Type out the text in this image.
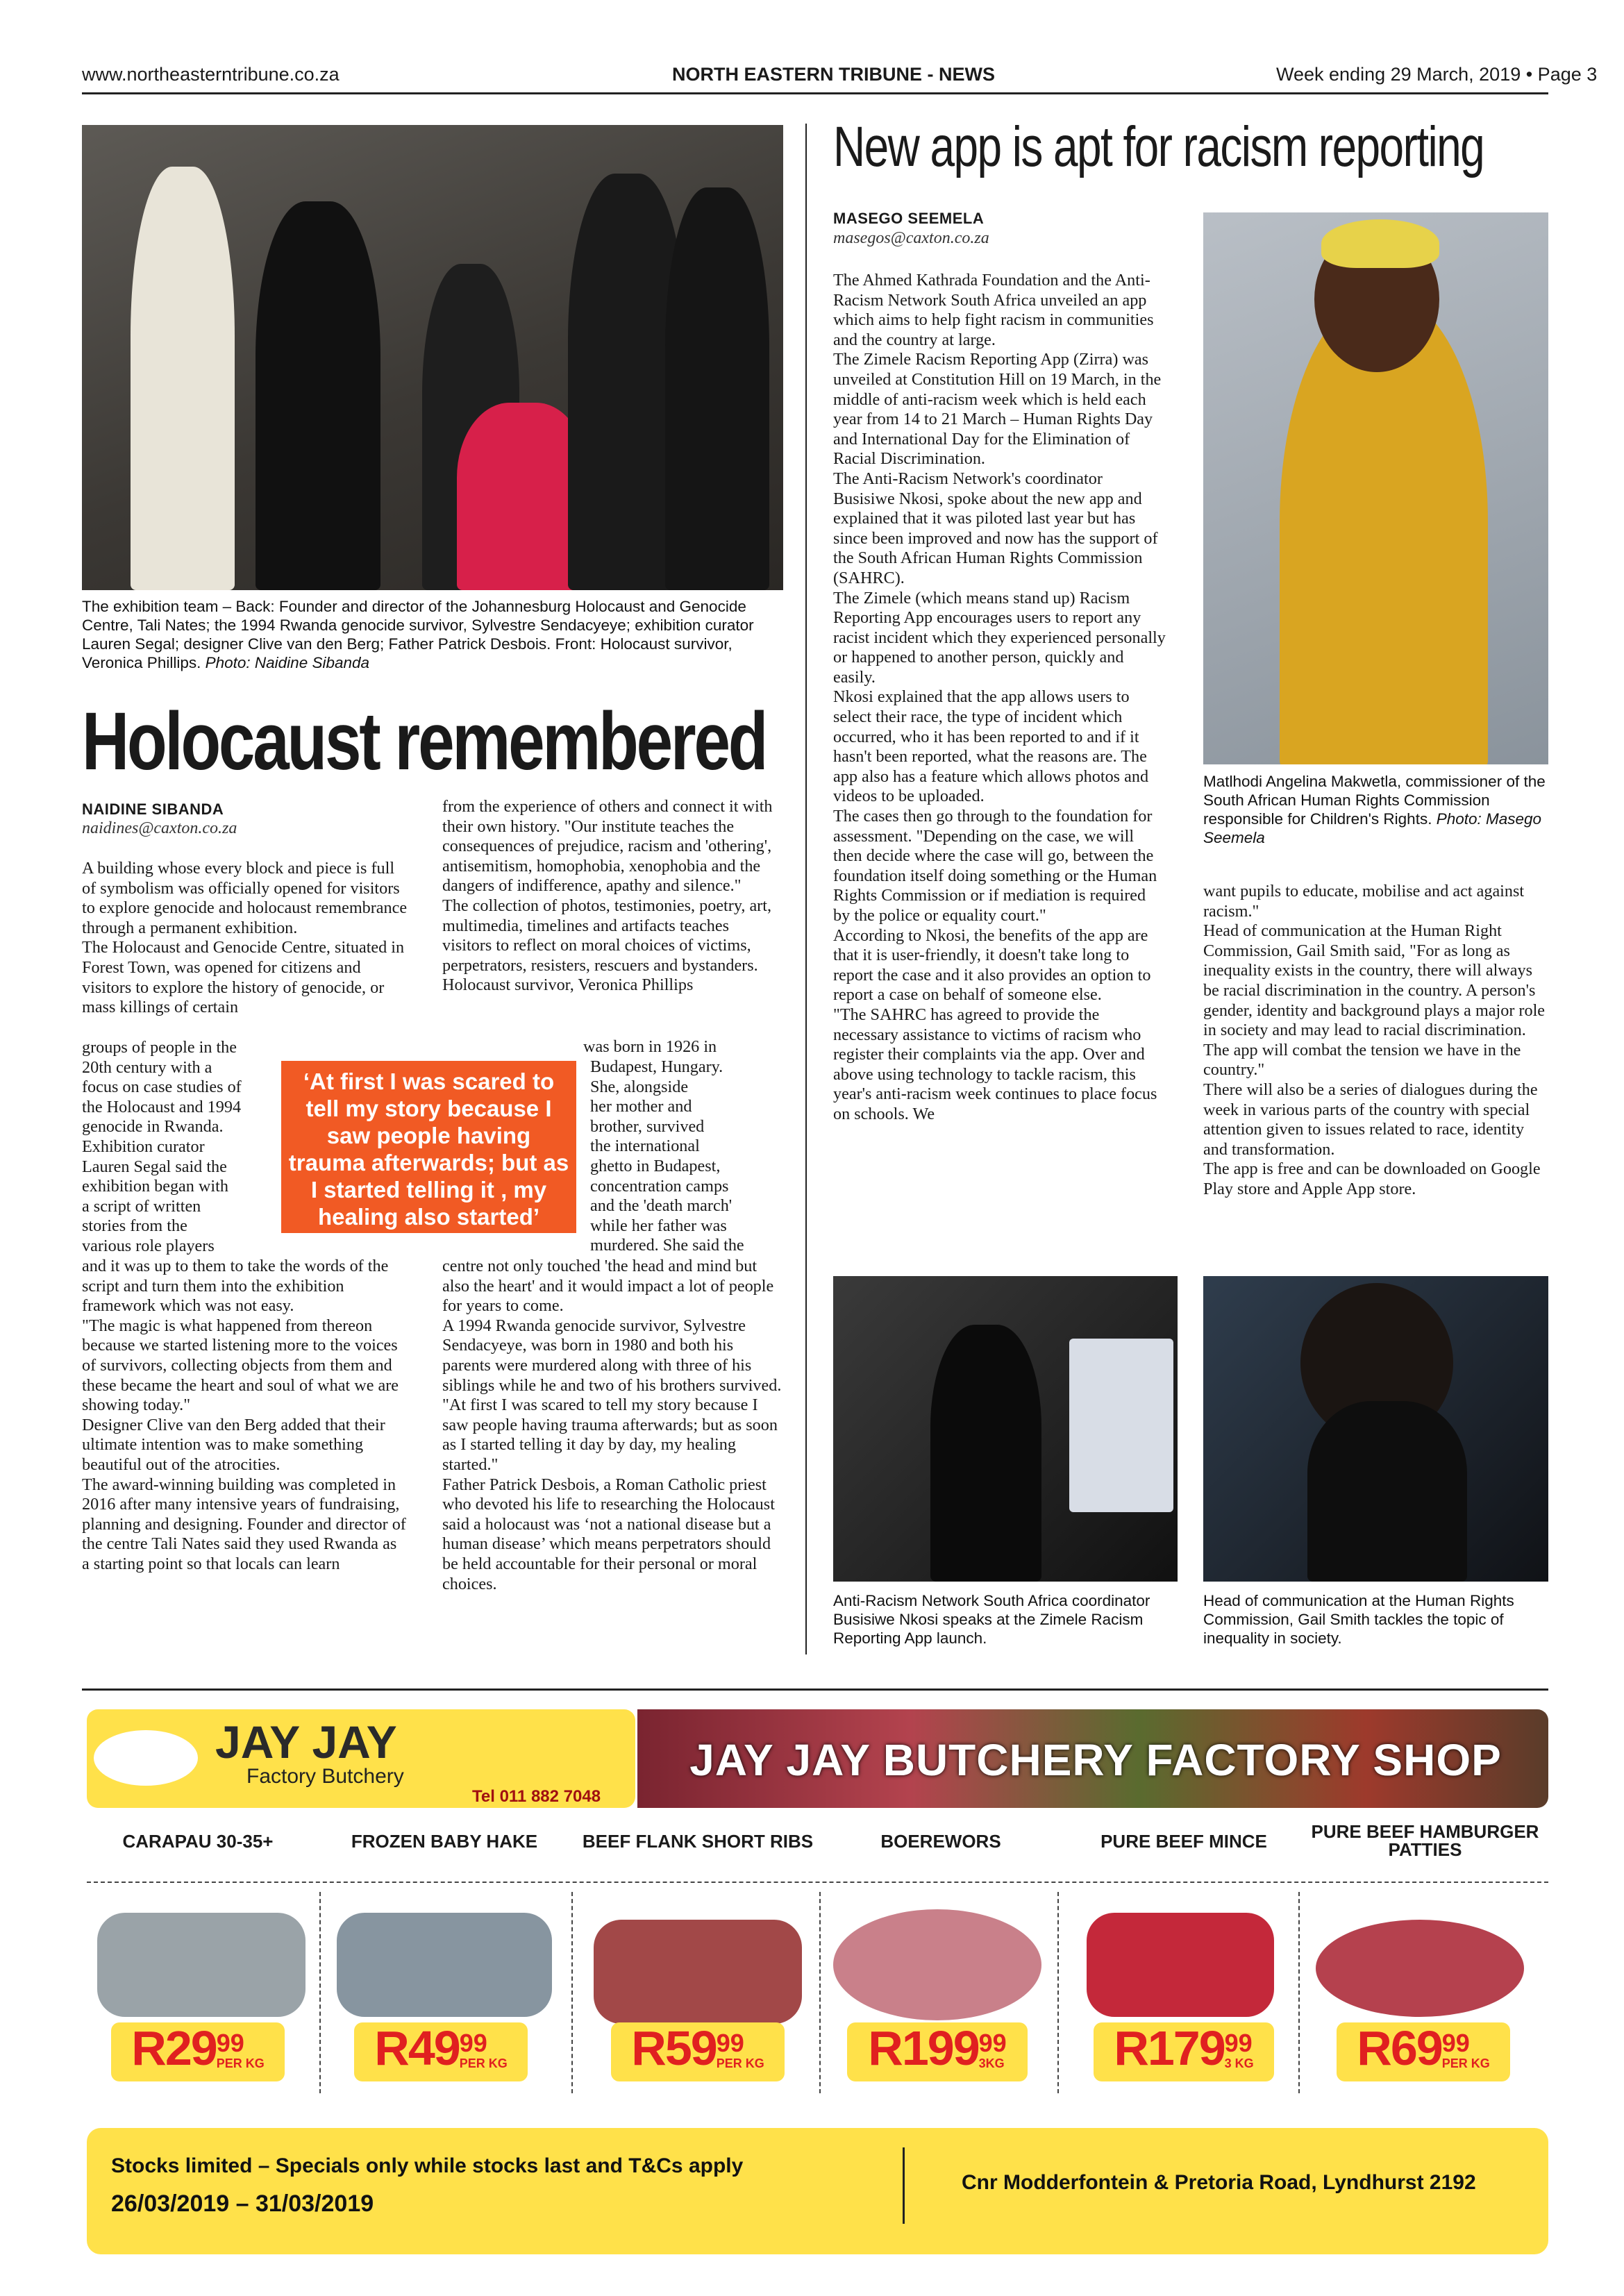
www.northeasterntribune.co.za	NORTH EASTERN TRIBUNE - NEWS	Week ending 29 March, 2019 • Page 3
The exhibition team – Back: Founder and director of the Johannesburg Holocaust and Genocide Centre, Tali Nates; the 1994 Rwanda genocide survivor, Sylvestre Sendacyeye; exhibition curator Lauren Segal; designer Clive van den Berg; Father Patrick Desbois. Front: Holocaust survivor, Veronica Phillips. Photo: Naidine Sibanda
Holocaust remembered
NAIDINE SIBANDA
naidines@caxton.co.za
A building whose every block and piece is full of symbolism was officially opened for visitors to explore genocide and holocaust remembrance through a permanent exhibition.
The Holocaust and Genocide Centre, situated in Forest Town, was opened for citizens and visitors to explore the history of genocide, or mass killings of certain
groups of people in the
20th century with a
focus on case studies of
the Holocaust and 1994
genocide in Rwanda.
Exhibition curator
Lauren Segal said the
exhibition began with
a script of written
stories from the
various role players
and it was up to them to take the words of the script and turn them into the exhibition framework which was not easy.
"The magic is what happened from thereon because we started listening more to the voices of survivors, collecting objects from them and these became the heart and soul of what we are showing today."
Designer Clive van den Berg added that their ultimate intention was to make something beautiful out of the atrocities.
The award-winning building was completed in 2016 after many intensive years of fundraising, planning and designing. Founder and director of the centre Tali Nates said they used Rwanda as a starting point so that locals can learn
from the experience of others and connect it with their own history. "Our institute teaches the consequences of prejudice, racism and 'othering', antisemitism, homophobia, xenophobia and the dangers of indifference, apathy and silence."
The collection of photos, testimonies, poetry, art, multimedia, timelines and artifacts teaches visitors to reflect on moral choices of victims, perpetrators, resisters, rescuers and bystanders.
Holocaust survivor, Veronica Phillips
was born in 1926 in
Budapest, Hungary.
She, alongside
her mother and
brother, survived
the international
ghetto in Budapest,
concentration camps
and the 'death march'
while her father was
murdered. She said the
centre not only touched 'the head and mind but also the heart' and it would impact a lot of people for years to come.
A 1994 Rwanda genocide survivor, Sylvestre Sendacyeye, was born in 1980 and both his parents were murdered along with three of his siblings while he and two of his brothers survived. "At first I was scared to tell my story because I saw people having trauma afterwards; but as soon as I started telling it day by day, my healing started."
Father Patrick Desbois, a Roman Catholic priest who devoted his life to researching the Holocaust said a holocaust was ‘not a national disease but a human disease’ which means perpetrators should be held accountable for their personal or moral choices.
‘At first I was scared to tell my story because I saw people having trauma afterwards; but as I started telling it , my healing also started’
New app is apt for racism reporting
MASEGO SEEMELA
masegos@caxton.co.za
The Ahmed Kathrada Foundation and the Anti-Racism Network South Africa unveiled an app which aims to help fight racism in communities and the country at large.
The Zimele Racism Reporting App (Zirra) was unveiled at Constitution Hill on 19 March, in the middle of anti-racism week which is held each year from 14 to 21 March – Human Rights Day and International Day for the Elimination of Racial Discrimination.
The Anti-Racism Network's coordinator Busisiwe Nkosi, spoke about the new app and explained that it was piloted last year but has since been improved and now has the support of the South African Human Rights Commission (SAHRC).
The Zimele (which means stand up) Racism Reporting App encourages users to report any racist incident which they experienced personally or happened to another person, quickly and easily.
Nkosi explained that the app allows users to select their race, the type of incident which occurred, who it has been reported to and if it hasn't been reported, what the reasons are. The app also has a feature which allows photos and videos to be uploaded.
The cases then go through to the foundation for assessment. "Depending on the case, we will then decide where the case will go, between the foundation itself doing something or the Human Rights Commission or if mediation is required by the police or equality court."
According to Nkosi, the benefits of the app are that it is user-friendly, it doesn't take long to report the case and it also provides an option to report a case on behalf of someone else.
"The SAHRC has agreed to provide the necessary assistance to victims of racism who register their complaints via the app. Over and above using technology to tackle racism, this year's anti-racism week continues to place focus on schools. We
Matlhodi Angelina Makwetla, commissioner of the South African Human Rights Commission responsible for Children's Rights. Photo: Masego Seemela
want pupils to educate, mobilise and act against racism."
Head of communication at the Human Right Commission, Gail Smith said, "For as long as inequality exists in the country, there will always be racial discrimination in the country. A person's gender, identity and background plays a major role in society and may lead to racial discrimination. The app will combat the tension we have in the country."
There will also be a series of dialogues during the week in various parts of the country with special attention given to issues related to race, identity and transformation.
The app is free and can be downloaded on Google Play store and Apple App store.
Anti-Racism Network South Africa coordinator Busisiwe Nkosi speaks at the Zimele Racism Reporting App launch.
Head of communication at the Human Rights Commission, Gail Smith tackles the topic of inequality in society.
JAY JAY
Factory Butchery
Tel 011 882 7048
JAY JAY BUTCHERY FACTORY SHOP
CARAPAU 30-35+
R29 99
PER KG
FROZEN BABY HAKE
R49 99
PER KG
BEEF FLANK SHORT RIBS
R59 99
PER KG
BOEREWORS
R199 99
3KG
PURE BEEF MINCE
R179 99
3 KG
PURE BEEF HAMBURGER PATTIES
R69 99
PER KG
Stocks limited – Specials only while stocks last and T&Cs apply
26/03/2019 – 31/03/2019
Cnr Modderfontein & Pretoria Road, Lyndhurst 2192
